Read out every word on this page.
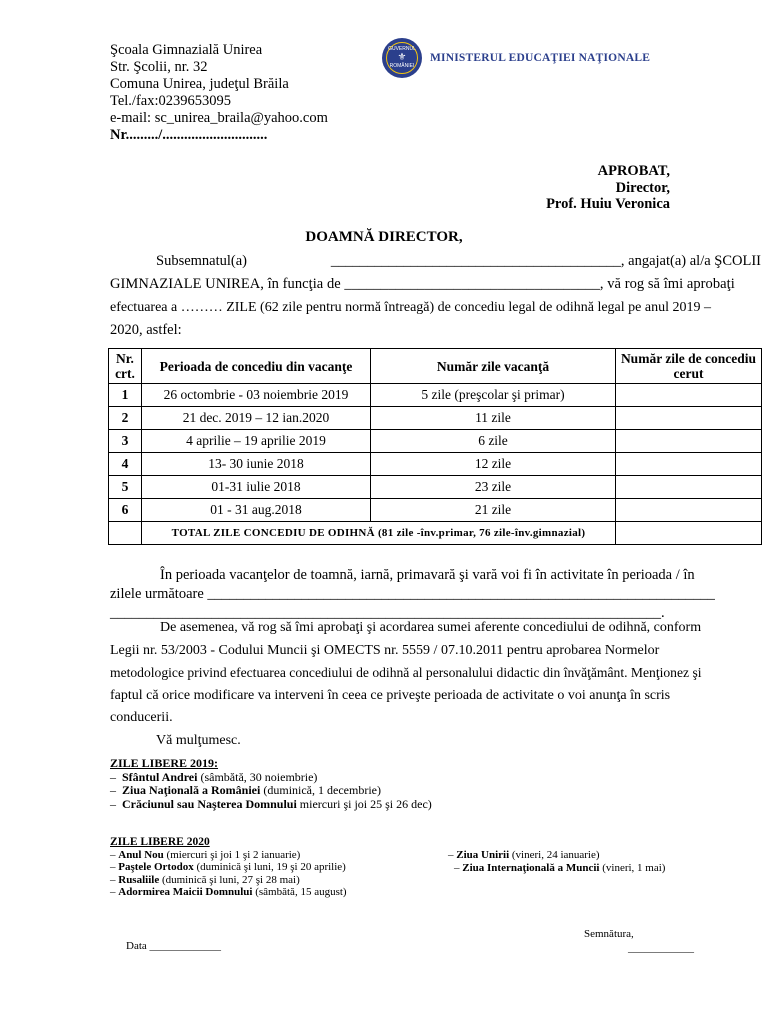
Şcoala Gimnazială Unirea
Str. Şcolii, nr. 32
Comuna Unirea, judeţul Brăila
Tel./fax:0239653095
e-mail: sc_unirea_braila@yahoo.com
Nr........./.............................
GUVERNUL
⚜
ROMÂNIEI
MINISTERUL EDUCAŢIEI NAŢIONALE
APROBAT,
Director,
Prof. Huiu Veronica
DOAMNĂ DIRECTOR,
Subsemnatul(a)	________________________________________, angajat(a) al/a ŞCOLII
GIMNAZIALE UNIREA, în funcţia de ___________________________________, vă rog să îmi aprobaţi
efectuarea a ……… ZILE (62 zile pentru normă întreagă) de concediu legal de odihnă legal pe anul 2019 –
2020, astfel:
Nr. crt.	Perioada de concediu din vacanţe	Număr zile vacanţă	Număr zile de concediu cerut
1	26 octombrie - 03 noiembrie 2019	5 zile (preşcolar şi primar)	
2	21 dec. 2019 – 12 ian.2020	11 zile	
3	4 aprilie – 19 aprilie 2019	6 zile	
4	13- 30 iunie 2018	12 zile	
5	01-31 iulie 2018	23 zile	
6	01 - 31 aug.2018	21 zile	
	TOTAL ZILE CONCEDIU DE ODIHNĂ (81 zile -înv.primar, 76 zile-înv.gimnazial)		
În perioada vacanţelor de toamnă, iarnă, primavară şi vară voi fi în activitate în perioada / în
zilele următoare ______________________________________________________________________
____________________________________________________________________________.
De asemenea, vă rog să îmi aprobaţi şi acordarea sumei aferente concediului de odihnă, conform
Legii nr. 53/2003 - Codului Muncii şi OMECTS nr. 5559 / 07.10.2011 pentru aprobarea Normelor
metodologice privind efectuarea concediului de odihnă al personalului didactic din învăţământ. Menţionez şi
faptul că orice modificare va interveni în ceea ce priveşte perioada de activitate o voi anunţa în scris
conducerii.
Vă mulţumesc.
ZILE LIBERE 2019:
–  Sfântul Andrei (sâmbătă, 30 noiembrie)
–  Ziua Naţională a României (duminică, 1 decembrie)
–  Crăciunul sau Naşterea Domnului miercuri şi joi 25 şi 26 dec)
ZILE LIBERE 2020
– Anul Nou (miercuri şi joi 1 şi 2 ianuarie)
– Paştele Ortodox (duminică şi luni, 19 şi 20 aprilie)
– Rusaliile (duminică şi luni, 27 şi 28 mai)
– Adormirea Maicii Domnului (sâmbătă, 15 august)
– Ziua Unirii (vineri, 24 ianuarie)
– Ziua Internaţională a Muncii (vineri, 1 mai)
Data _____________
Semnătura,
____________
